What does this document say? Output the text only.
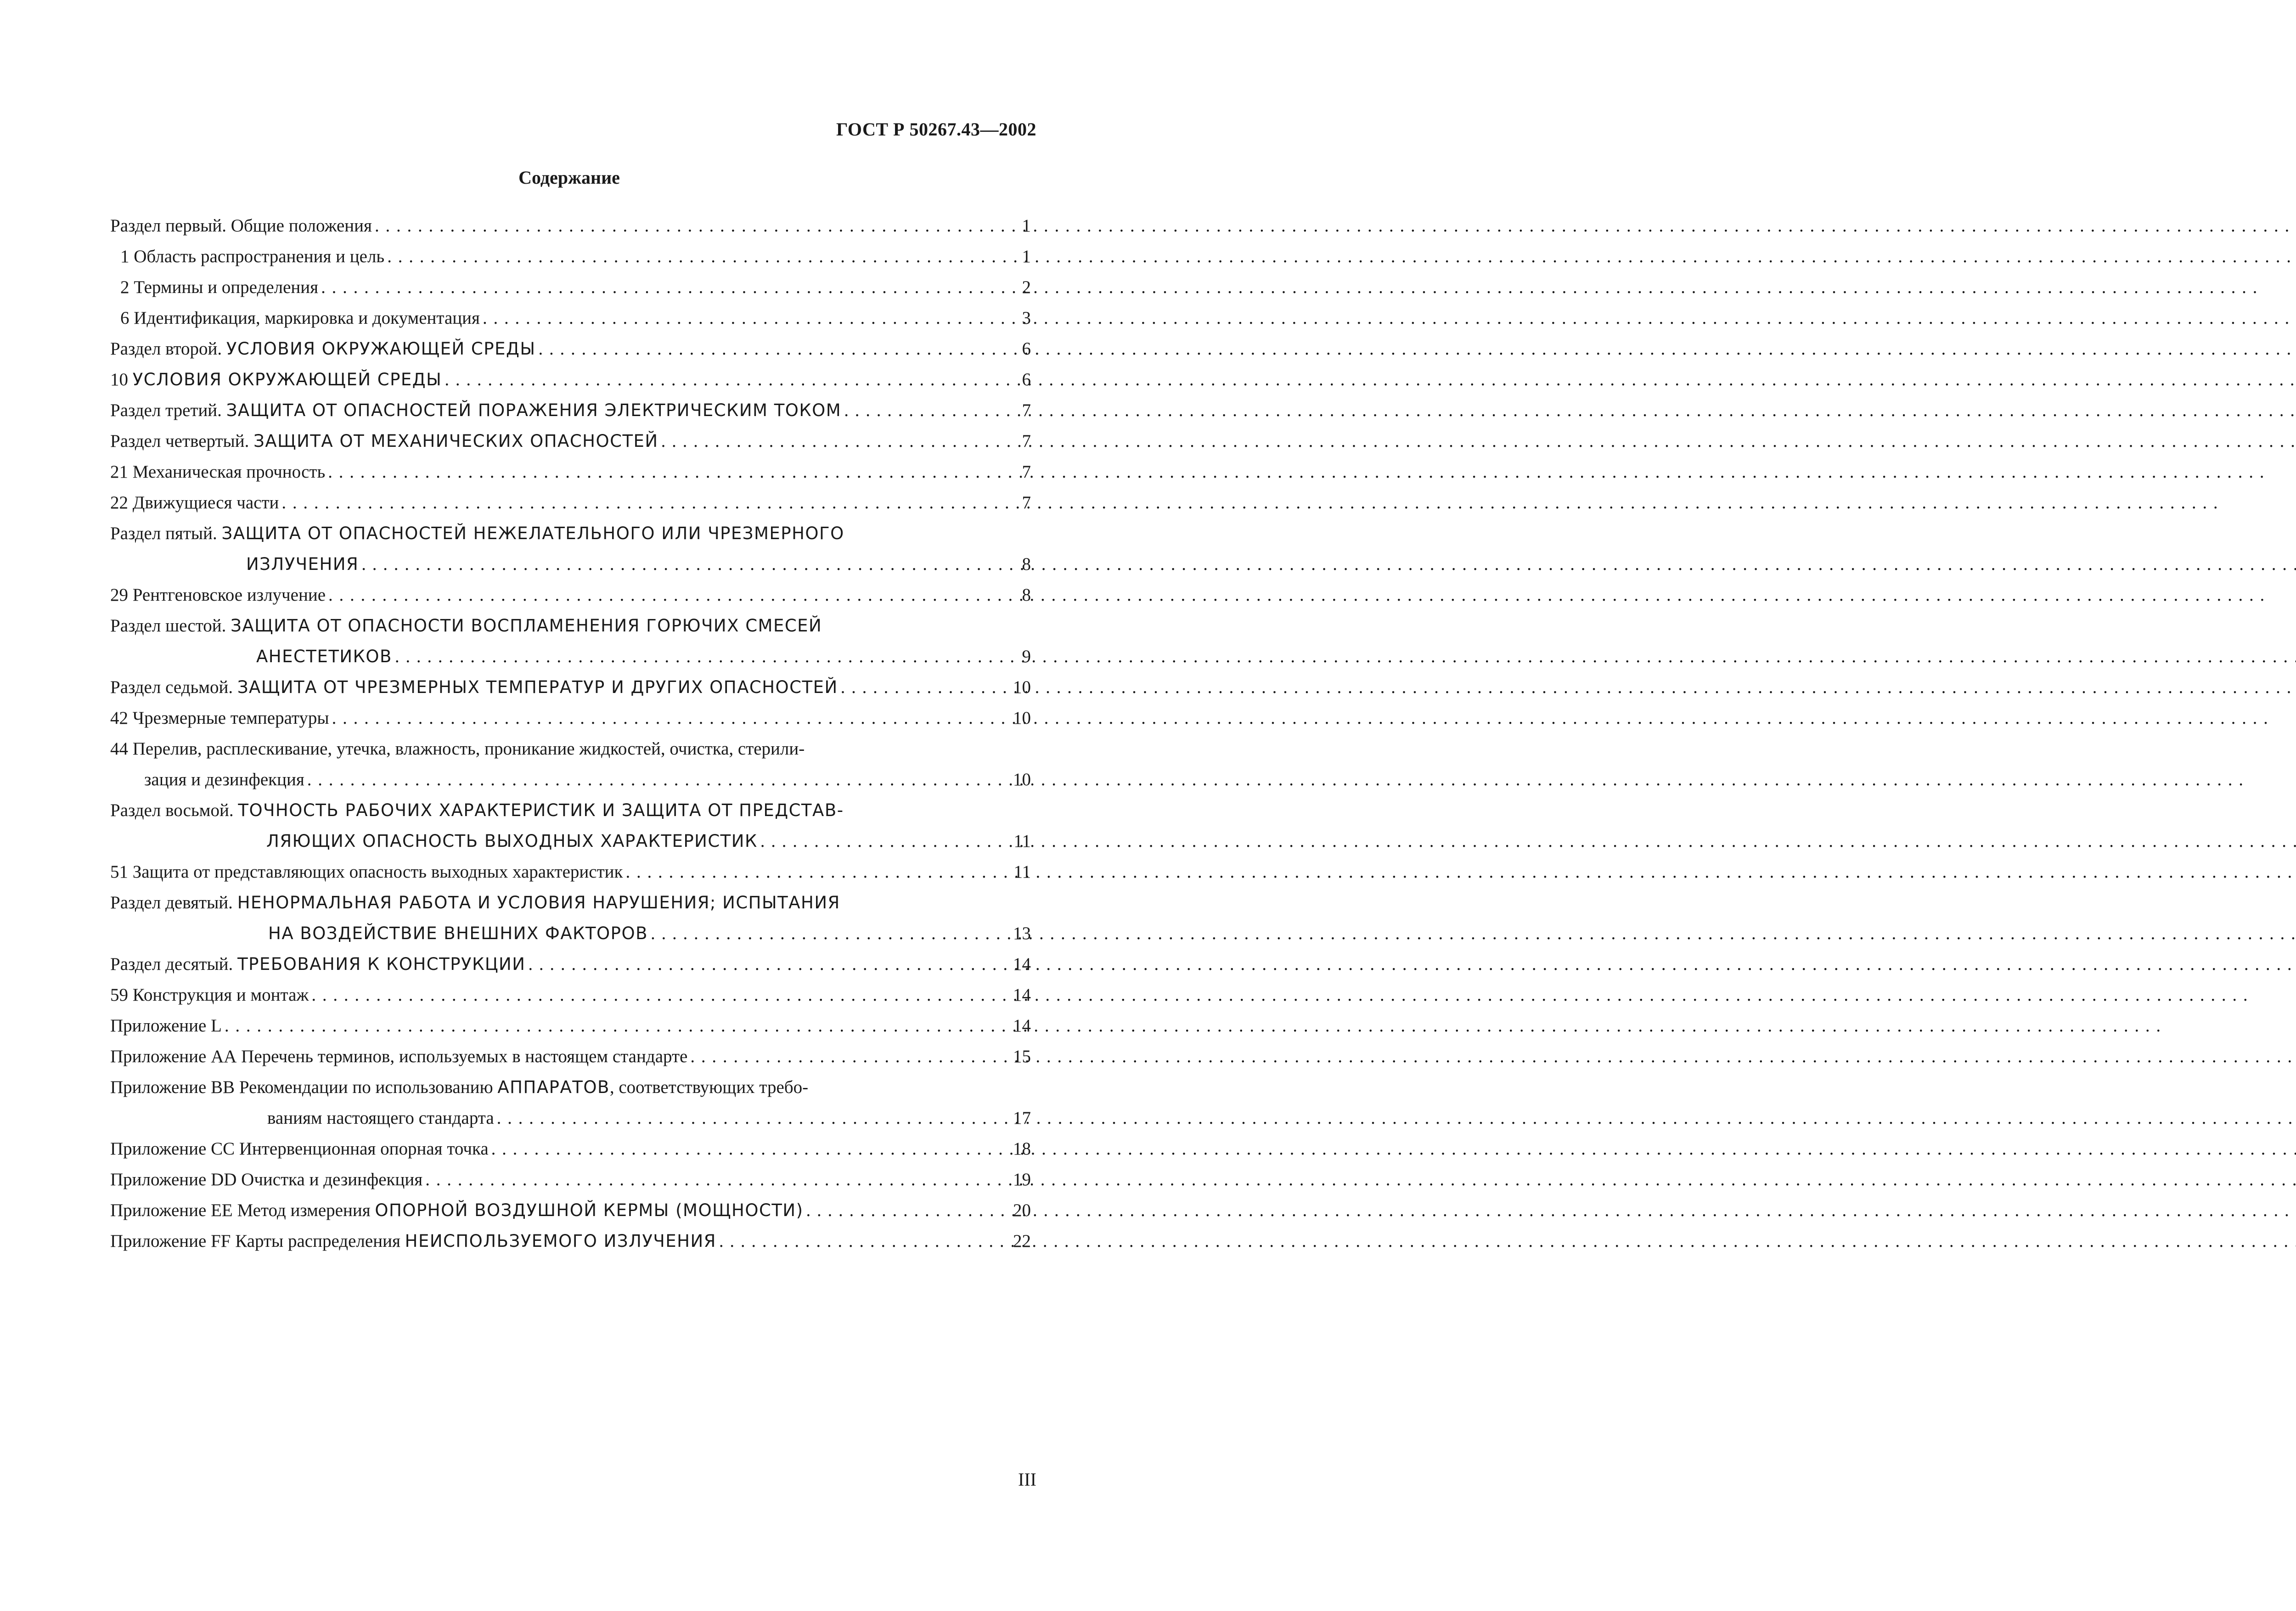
ГОСТ Р 50267.43—2002
Содержание
Раздел первый. Общие положения . . .	1
1 Область распространения и цель . . .	1
2 Термины и определения . . .	2
6 Идентификация, маркировка и документация . . .	3
Раздел второй. УСЛОВИЯ ОКРУЖАЮЩЕЙ СРЕДЫ . . .	6
10 УСЛОВИЯ ОКРУЖАЮЩЕЙ СРЕДЫ . . .	6
Раздел третий. ЗАЩИТА ОТ ОПАСНОСТЕЙ ПОРАЖЕНИЯ ЭЛЕКТРИЧЕСКИМ ТОКОМ . . .	7
Раздел четвертый. ЗАЩИТА ОТ МЕХАНИЧЕСКИХ ОПАСНОСТЕЙ . . .	7
21 Механическая прочность . . .	7
22 Движущиеся части . . .	7
Раздел пятый. ЗАЩИТА ОТ ОПАСНОСТЕЙ НЕЖЕЛАТЕЛЬНОГО ИЛИ ЧРЕЗМЕРНОГО
ИЗЛУЧЕНИЯ . . .	8
29 Рентгеновское излучение . . .	8
Раздел шестой. ЗАЩИТА ОТ ОПАСНОСТИ ВОСПЛАМЕНЕНИЯ ГОРЮЧИХ СМЕСЕЙ
АНЕСТЕТИКОВ . . .	9
Раздел седьмой. ЗАЩИТА ОТ ЧРЕЗМЕРНЫХ ТЕМПЕРАТУР И ДРУГИХ ОПАСНОСТЕЙ . . .	10
42 Чрезмерные температуры . . .	10
44 Перелив, расплескивание, утечка, влажность, проникание жидкостей, очистка, стерили-
зация и дезинфекция . . .	10
Раздел восьмой. ТОЧНОСТЬ РАБОЧИХ ХАРАКТЕРИСТИК И ЗАЩИТА ОТ ПРЕДСТАВ-
ЛЯЮЩИХ ОПАСНОСТЬ ВЫХОДНЫХ ХАРАКТЕРИСТИК . . .	11
51 Защита от представляющих опасность выходных характеристик . . .	11
Раздел девятый. НЕНОРМАЛЬНАЯ РАБОТА И УСЛОВИЯ НАРУШЕНИЯ; ИСПЫТАНИЯ
НА ВОЗДЕЙСТВИЕ ВНЕШНИХ ФАКТОРОВ . . .	13
Раздел десятый. ТРЕБОВАНИЯ К КОНСТРУКЦИИ . . .	14
59 Конструкция и монтаж . . .	14
Приложение L . . .	14
Приложение АА Перечень терминов, используемых в настоящем стандарте . . .	15
Приложение ВВ Рекомендации по использованию АППАРАТОВ, соответствующих требо-
ваниям настоящего стандарта . . .	17
Приложение СС Интервенционная опорная точка . . .	18
Приложение DD Очистка и дезинфекция . . .	19
Приложение ЕЕ Метод измерения ОПОРНОЙ ВОЗДУШНОЙ КЕРМЫ (МОЩНОСТИ) . . .	20
Приложение FF Карты распределения НЕИСПОЛЬЗУЕМОГО ИЗЛУЧЕНИЯ . . .	22
III
